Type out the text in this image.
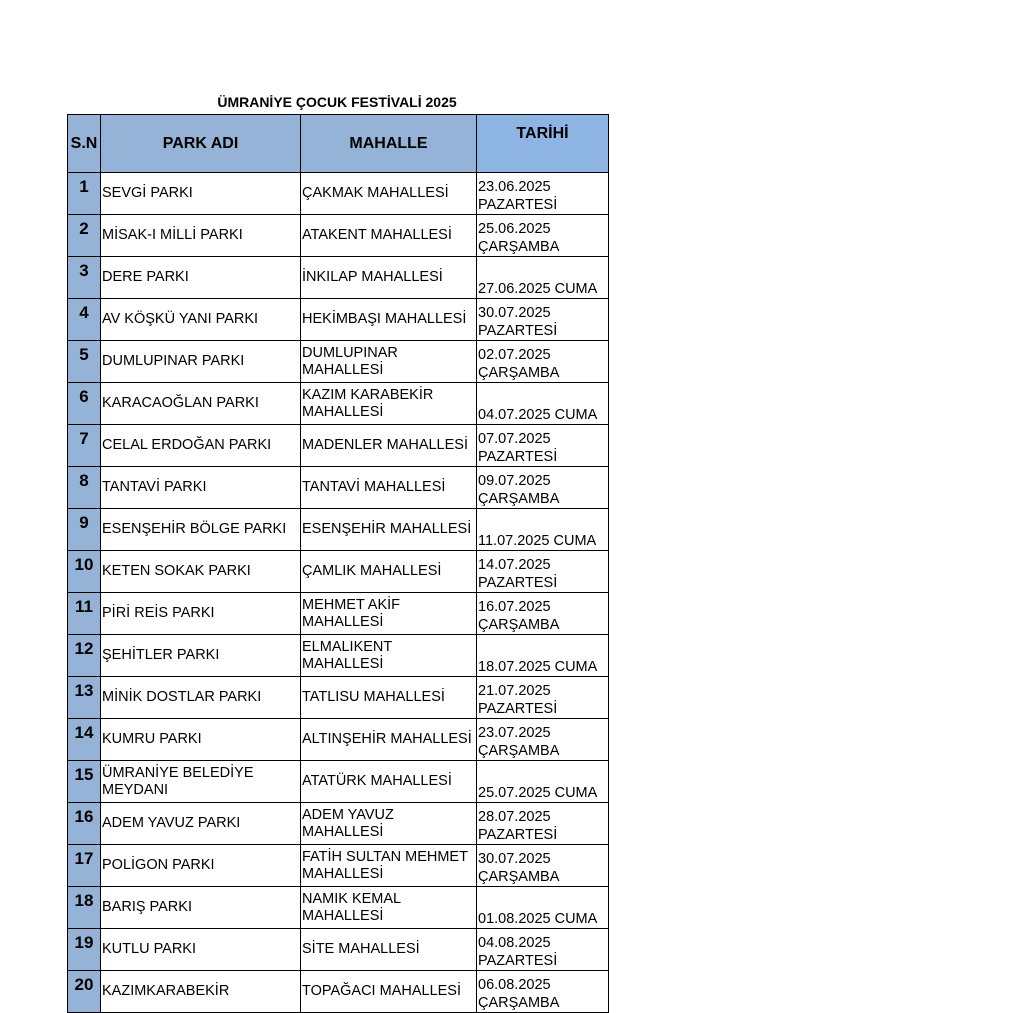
ÜMRANİYE ÇOCUK FESTİVALİ 2025
S.N	PARK ADI	MAHALLE	TARİHİ
1	SEVGİ PARKI	ÇAKMAK MAHALLESİ	23.06.2025 PAZARTESİ
2	MİSAK-I MİLLİ PARKI	ATAKENT MAHALLESİ	25.06.2025 ÇARŞAMBA
3	DERE PARKI	İNKILAP MAHALLESİ	27.06.2025 CUMA
4	AV KÖŞKÜ YANI PARKI	HEKİMBAŞI MAHALLESİ	30.07.2025 PAZARTESİ
5	DUMLUPINAR PARKI	DUMLUPINAR MAHALLESİ	02.07.2025 ÇARŞAMBA
6	KARACAOĞLAN PARKI	KAZIM KARABEKİR MAHALLESİ	04.07.2025 CUMA
7	CELAL ERDOĞAN PARKI	MADENLER MAHALLESİ	07.07.2025 PAZARTESİ
8	TANTAVİ PARKI	TANTAVİ MAHALLESİ	09.07.2025 ÇARŞAMBA
9	ESENŞEHİR BÖLGE PARKI	ESENŞEHİR MAHALLESİ	11.07.2025 CUMA
10	KETEN SOKAK PARKI	ÇAMLIK MAHALLESİ	14.07.2025 PAZARTESİ
11	PİRİ REİS PARKI	MEHMET AKİF MAHALLESİ	16.07.2025 ÇARŞAMBA
12	ŞEHİTLER PARKI	ELMALIKENT MAHALLESİ	18.07.2025 CUMA
13	MİNİK DOSTLAR PARKI	TATLISU MAHALLESİ	21.07.2025 PAZARTESİ
14	KUMRU PARKI	ALTINŞEHİR MAHALLESİ	23.07.2025 ÇARŞAMBA
15	ÜMRANİYE BELEDİYE MEYDANI	ATATÜRK MAHALLESİ	25.07.2025 CUMA
16	ADEM YAVUZ PARKI	ADEM YAVUZ MAHALLESİ	28.07.2025 PAZARTESİ
17	POLİGON PARKI	FATİH SULTAN MEHMET MAHALLESİ	30.07.2025 ÇARŞAMBA
18	BARIŞ PARKI	NAMIK KEMAL MAHALLESİ	01.08.2025 CUMA
19	KUTLU PARKI	SİTE MAHALLESİ	04.08.2025 PAZARTESİ
20	KAZIMKARABEKİR	TOPAĞACI MAHALLESİ	06.08.2025 ÇARŞAMBA
